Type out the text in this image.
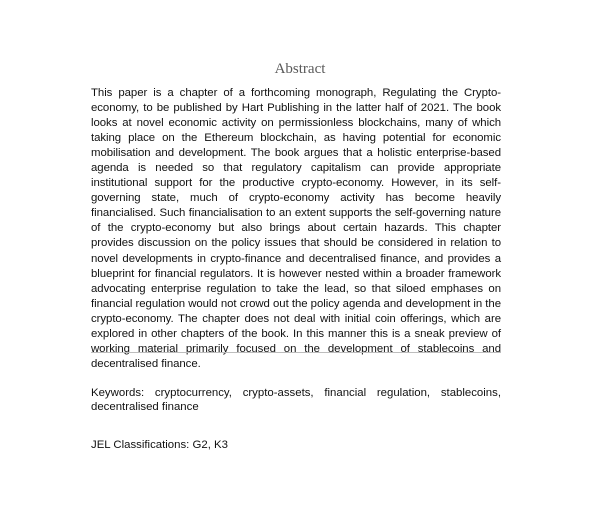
Abstract

This paper is a chapter of a forthcoming monograph, Regulating the Crypto-economy, to be published by Hart Publishing in the latter half of 2021. The book looks at novel economic activity on permissionless blockchains, many of which taking place on the Ethereum blockchain, as having potential for economic mobilisation and development. The book argues that a holistic enterprise-based agenda is needed so that regulatory capitalism can provide appropriate institutional support for the productive crypto-economy. However, in its self-governing state, much of crypto-economy activity has become heavily financialised. Such financialisation to an extent supports the self-governing nature of the crypto-economy but also brings about certain hazards. This chapter provides discussion on the policy issues that should be considered in relation to novel developments in crypto-finance and decentralised finance, and provides a blueprint for financial regulators. It is however nested within a broader framework advocating enterprise regulation to take the lead, so that siloed emphases on financial regulation would not crowd out the policy agenda and development in the crypto-economy. The chapter does not deal with initial coin offerings, which are explored in other chapters of the book. In this manner this is a sneak preview of working material primarily focused on the development of stablecoins and decentralised finance.

Keywords: cryptocurrency, crypto-assets, financial regulation, stablecoins, decentralised finance

JEL Classifications: G2, K3
